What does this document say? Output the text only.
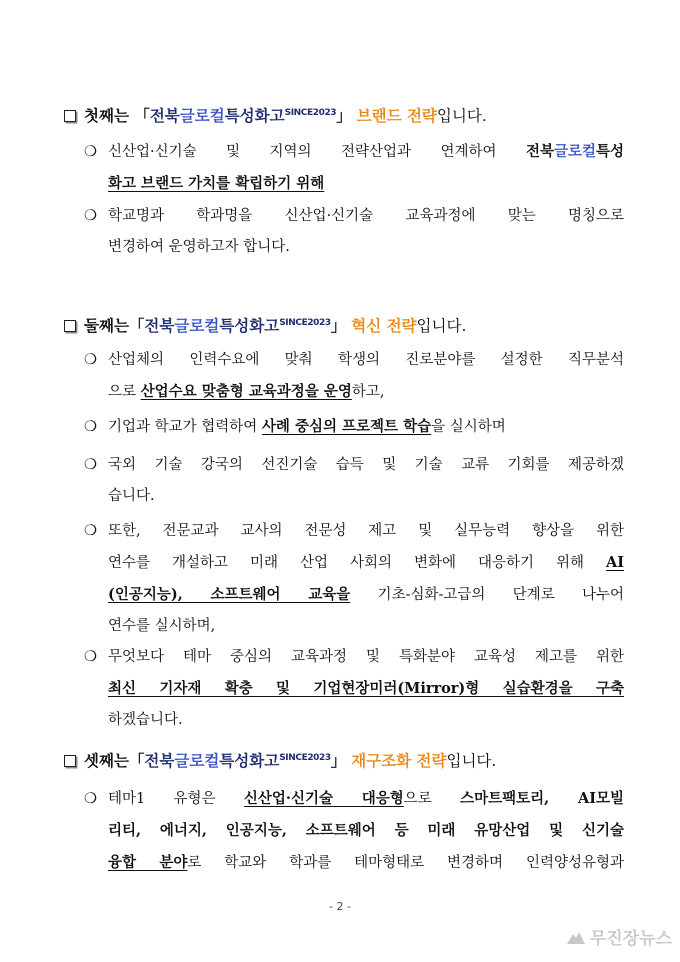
첫째는 「전북글로컬특성화고$^{SINCE2023}$」 브랜드 전략입니다.
❍ 신산업·신기술 및 지역의 전략산업과 연계하여 전북글로컬특성
화고 브랜드 가치를 확립하기 위해
❍ 학교명과 학과명을 신산업·신기술 교육과정에 맞는 명칭으로
변경하여 운영하고자 합니다.
둘째는「전북글로컬특성화고$^{SINCE2023}$」 혁신 전략입니다.
❍ 산업체의 인력수요에 맞춰 학생의 진로분야를 설정한 직무분석
으로 산업수요 맞춤형 교육과정을 운영하고,
❍ 기업과 학교가 협력하여 사례 중심의 프로젝트 학습을 실시하며
❍ 국외 기술 강국의 선진기술 습득 및 기술 교류 기회를 제공하겠
습니다.
❍ 또한, 전문교과 교사의 전문성 제고 및 실무능력 향상을 위한
연수를 개설하고 미래 산업 사회의 변화에 대응하기 위해 AI
(인공지능), 소프트웨어 교육을 기초-심화-고급의 단계로 나누어
연수를 실시하며,
❍ 무엇보다 테마 중심의 교육과정 및 특화분야 교육성 제고를 위한
최신 기자재 확충 및 기업현장미러(Mirror)형 실습환경을 구축
하겠습니다.
셋째는「전북글로컬특성화고$^{SINCE2023}$」 재구조화 전략입니다.
❍ 테마1 유형은 신산업·신기술 대응형으로 스마트팩토리, AI모빌
리티, 에너지, 인공지능, 소프트웨어 등 미래 유망산업 및 신기술
융합 분야로 학교와 학과를 테마형태로 변경하며 인력양성유형과
- 2 -
무진장뉴스
